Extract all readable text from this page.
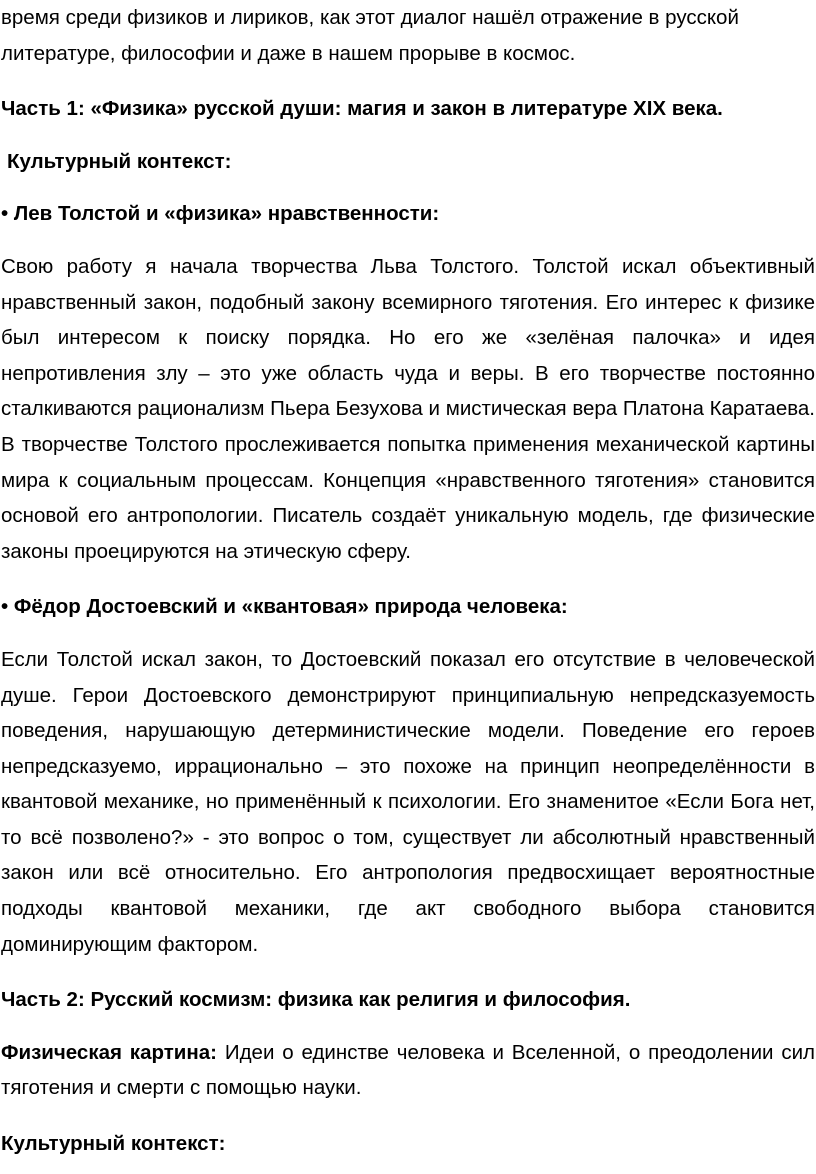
время среди физиков и лириков, как этот диалог нашёл отражение в русской литературе, философии и даже в нашем прорыве в космос.

Часть 1: «Физика» русской души: магия и закон в литературе XIX века.

Культурный контекст:

• Лев Толстой и «физика» нравственности:

Свою работу я начала творчества Льва Толстого. Толстой искал объективный нравственный закон, подобный закону всемирного тяготения. Его интерес к физике был интересом к поиску порядка. Но его же «зелёная палочка» и идея непротивления злу – это уже область чуда и веры. В его творчестве постоянно сталкиваются рационализм Пьера Безухова и мистическая вера Платона Каратаева. В творчестве Толстого прослеживается попытка применения механической картины мира к социальным процессам. Концепция «нравственного тяготения» становится основой его антропологии. Писатель создаёт уникальную модель, где физические законы проецируются на этическую сферу.

• Фёдор Достоевский и «квантовая» природа человека:

Если Толстой искал закон, то Достоевский показал его отсутствие в человеческой душе. Герои Достоевского демонстрируют принципиальную непредсказуемость поведения, нарушающую детерминистические модели. Поведение его героев непредсказуемо, иррационально – это похоже на принцип неопределённости в квантовой механике, но применённый к психологии. Его знаменитое «Если Бога нет, то всё позволено?» - это вопрос о том, существует ли абсолютный нравственный закон или всё относительно. Его антропология предвосхищает вероятностные подходы квантовой механики, где акт свободного выбора становится доминирующим фактором.

Часть 2: Русский космизм: физика как религия и философия.

Физическая картина: Идеи о единстве человека и Вселенной, о преодолении сил тяготения и смерти с помощью науки.

Культурный контекст:
